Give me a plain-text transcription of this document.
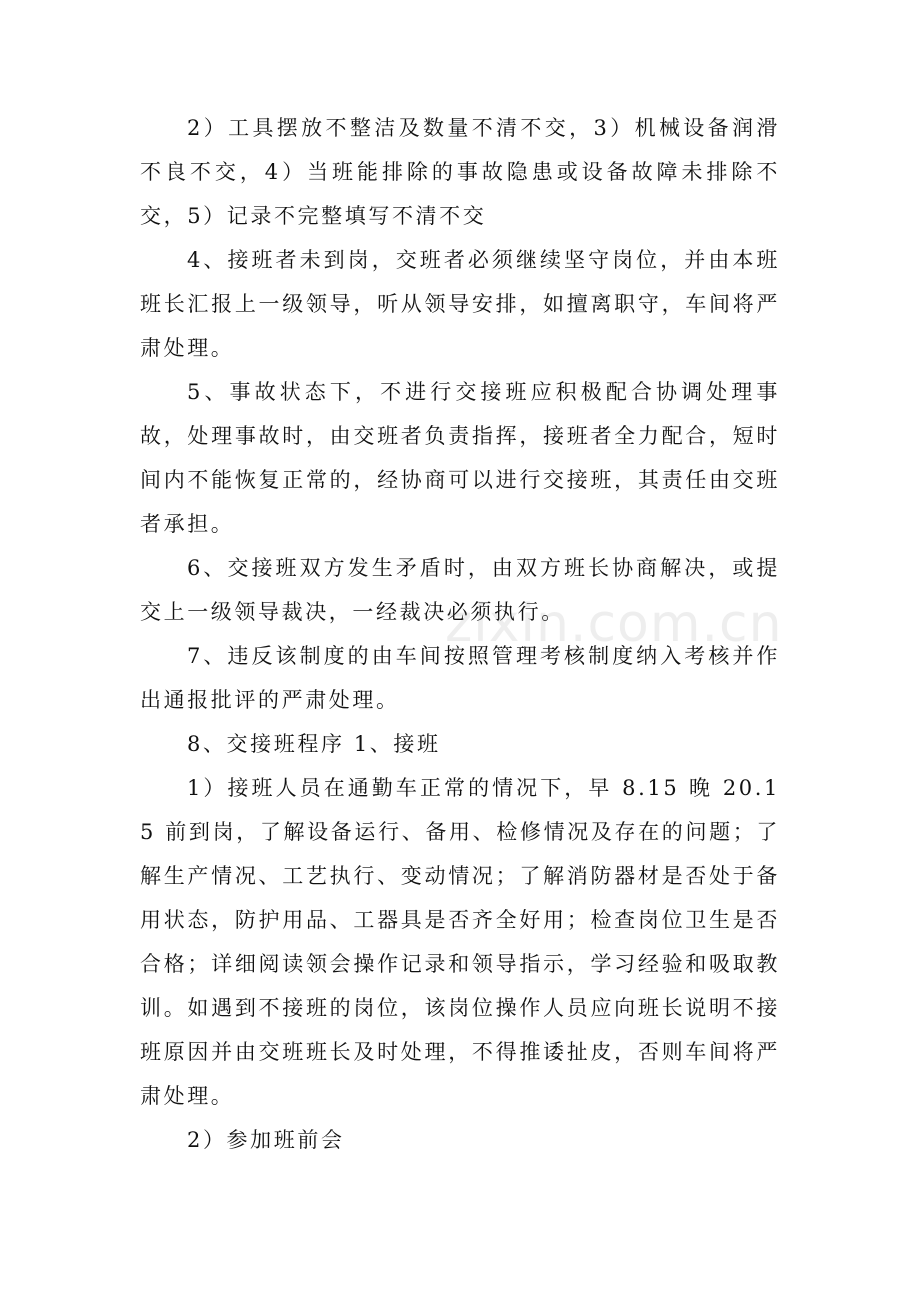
2）工具摆放不整洁及数量不清不交，3）机械设备润滑不良不交，4）当班能排除的事故隐患或设备故障未排除不交，5）记录不完整填写不清不交

4、接班者未到岗，交班者必须继续坚守岗位，并由本班班长汇报上一级领导，听从领导安排，如擅离职守，车间将严肃处理。

5、事故状态下，不进行交接班应积极配合协调处理事故，处理事故时，由交班者负责指挥，接班者全力配合，短时间内不能恢复正常的，经协商可以进行交接班，其责任由交班者承担。

6、交接班双方发生矛盾时，由双方班长协商解决，或提交上一级领导裁决，一经裁决必须执行。

7、违反该制度的由车间按照管理考核制度纳入考核并作出通报批评的严肃处理。

8、交接班程序 1、接班

1）接班人员在通勤车正常的情况下，早 8.15 晚 20.15 前到岗，了解设备运行、备用、检修情况及存在的问题；了解生产情况、工艺执行、变动情况；了解消防器材是否处于备用状态，防护用品、工器具是否齐全好用；检查岗位卫生是否合格；详细阅读领会操作记录和领导指示，学习经验和吸取教训。如遇到不接班的岗位，该岗位操作人员应向班长说明不接班原因并由交班班长及时处理，不得推诿扯皮，否则车间将严肃处理。

2）参加班前会

zixin.com.cn
